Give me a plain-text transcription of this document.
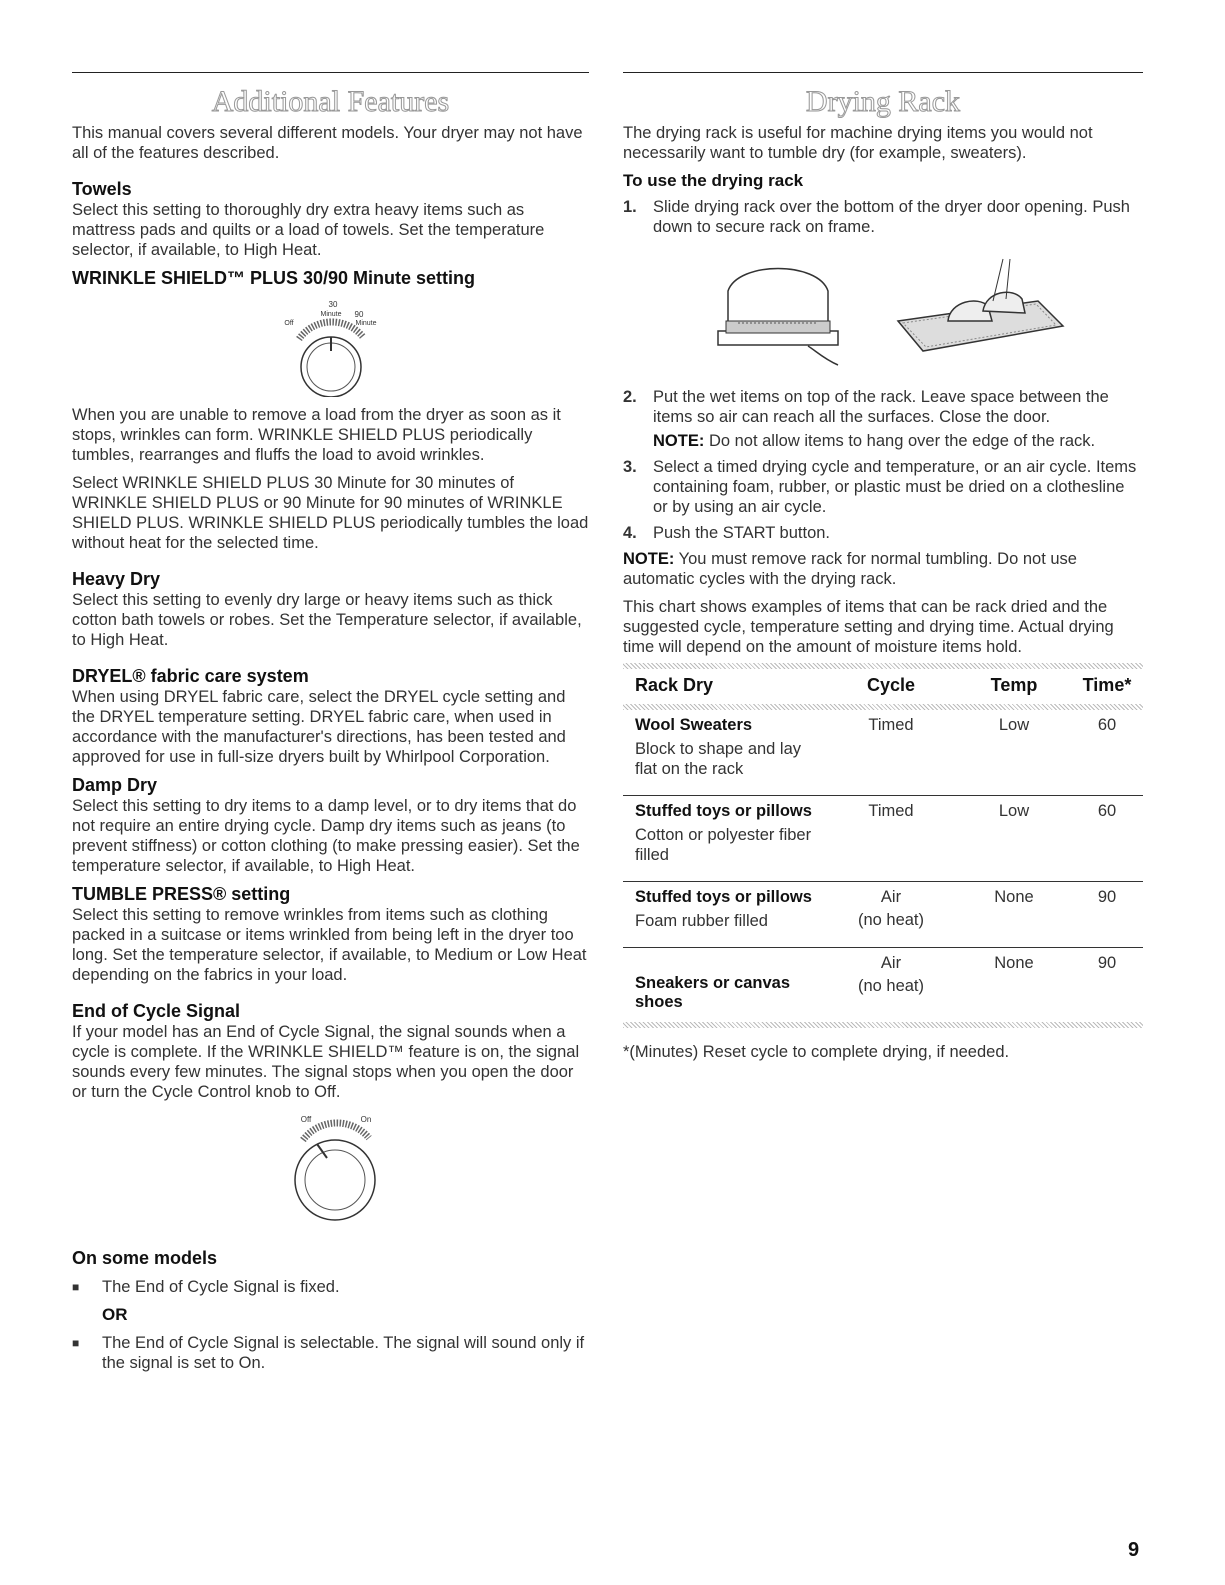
Additional Features

This manual covers several different models. Your dryer may not have all of the features described.

Towels

Select this setting to thoroughly dry extra heavy items such as mattress pads and quilts or a load of towels. Set the temperature selector, if available, to High Heat.

WRINKLE SHIELD™ PLUS 30/90 Minute setting
30
Minute 90
Minute
Off

When you are unable to remove a load from the dryer as soon as it stops, wrinkles can form. WRINKLE SHIELD PLUS periodically tumbles, rearranges and fluffs the load to avoid wrinkles.

Select WRINKLE SHIELD PLUS 30 Minute for 30 minutes of WRINKLE SHIELD PLUS or 90 Minute for 90 minutes of WRINKLE SHIELD PLUS. WRINKLE SHIELD PLUS periodically tumbles the load without heat for the selected time.

Heavy Dry

Select this setting to evenly dry large or heavy items such as thick cotton bath towels or robes. Set the Temperature selector, if available, to High Heat.

DRYEL® fabric care system

When using DRYEL fabric care, select the DRYEL cycle setting and the DRYEL temperature setting. DRYEL fabric care, when used in accordance with the manufacturer's directions, has been tested and approved for use in full-size dryers built by Whirlpool Corporation.

Damp Dry

Select this setting to dry items to a damp level, or to dry items that do not require an entire drying cycle. Damp dry items such as jeans (to prevent stiffness) or cotton clothing (to make pressing easier). Set the temperature selector, if available, to High Heat.

TUMBLE PRESS® setting

Select this setting to remove wrinkles from items such as clothing packed in a suitcase or items wrinkled from being left in the dryer too long. Set the temperature selector, if available, to Medium or Low Heat depending on the fabrics in your load.

End of Cycle Signal

If your model has an End of Cycle Signal, the signal sounds when a cycle is complete. If the WRINKLE SHIELD™ feature is on, the signal sounds every few minutes. The signal stops when you open the door or turn the Cycle Control knob to Off.

Off	On
On some models
■	The End of Cycle Signal is fixed.
OR
■	The End of Cycle Signal is selectable. The signal will sound only if the signal is set to On.
Drying Rack

The drying rack is useful for machine drying items you would not necessarily want to tumble dry (for example, sweaters).

To use the drying rack
1. Slide drying rack over the bottom of the dryer door opening. Push down to secure rack on frame.
2. Put the wet items on top of the rack. Leave space between the items so air can reach all the surfaces. Close the door.
NOTE: Do not allow items to hang over the edge of the rack.
3. Select a timed drying cycle and temperature, or an air cycle. Items containing foam, rubber, or plastic must be dried on a clothesline or by using an air cycle.
4. Push the START button.

NOTE: You must remove rack for normal tumbling. Do not use automatic cycles with the drying rack.

This chart shows examples of items that can be rack dried and the suggested cycle, temperature setting and drying time. Actual drying time will depend on the amount of moisture items hold.

Rack Dry	Cycle	Temp	Time*

Wool Sweaters
Block to shape and lay flat on the rack	Timed	Low	60

Stuffed toys or pillows
Cotton or polyester fiber filled	Timed	Low	60

Stuffed toys or pillows
Foam rubber filled	Air
(no heat)	None	90

Sneakers or canvas shoes	Air
(no heat)	None	90

*(Minutes) Reset cycle to complete drying, if needed.

9
